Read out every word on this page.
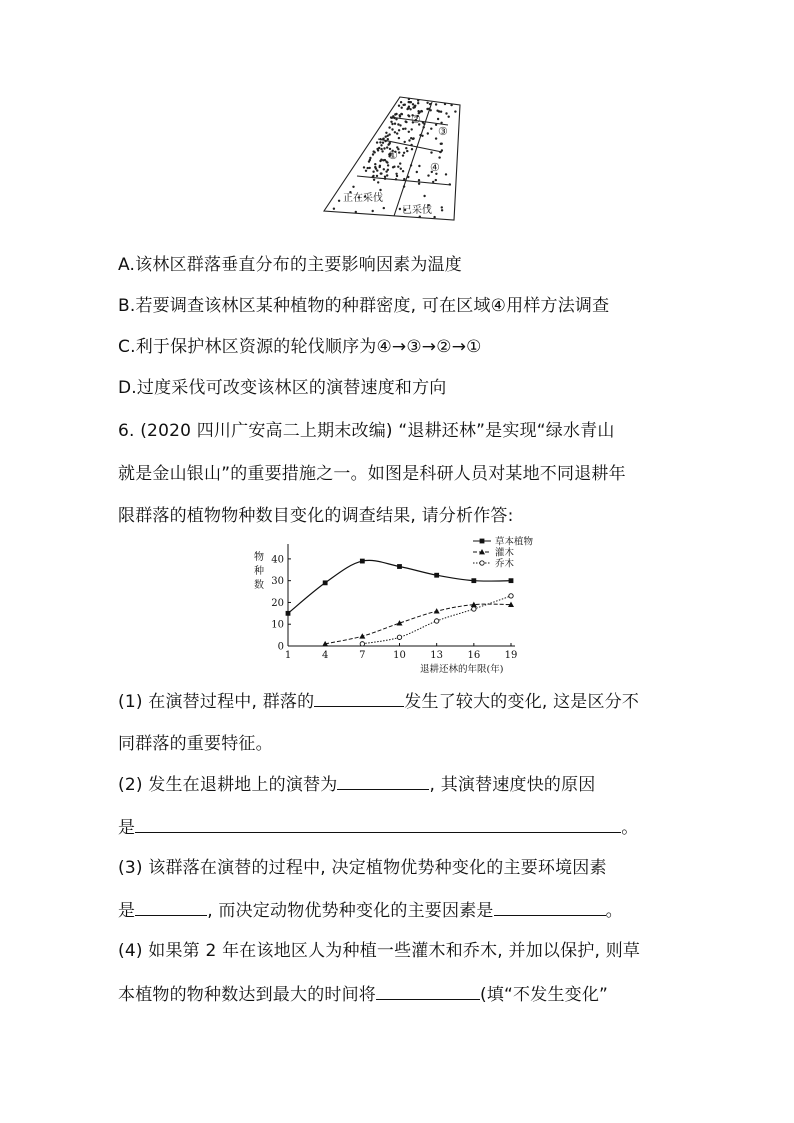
②
③
①
④
正在采伐
已采伐
A.该林区群落垂直分布的主要影响因素为温度
B.若要调查该林区某种植物的种群密度, 可在区域④用样方法调查
C.利于保护林区资源的轮伐顺序为④→③→②→①
D.过度采伐可改变该林区的演替速度和方向
6. (2020 四川广安高二上期末改编) “退耕还林”是实现“绿水青山
就是金山银山”的重要措施之一。如图是科研人员对某地不同退耕年
限群落的植物物种数目变化的调查结果, 请分析作答:
0
10
20
30
40
1	4	7	10 13 16 19
草本植物
灌木
乔木
物种数
退耕还林的年限(年)
(1) 在演替过程中, 群落的	发生了较大的变化, 这是区分不
同群落的重要特征。
(2) 发生在退耕地上的演替为	, 其演替速度快的原因
是	。
(3) 该群落在演替的过程中, 决定植物优势种变化的主要环境因素
是	, 而决定动物优势种变化的主要因素是	。
(4) 如果第 2 年在该地区人为种植一些灌木和乔木, 并加以保护, 则草
本植物的物种数达到最大的时间将	(填“不发生变化”
